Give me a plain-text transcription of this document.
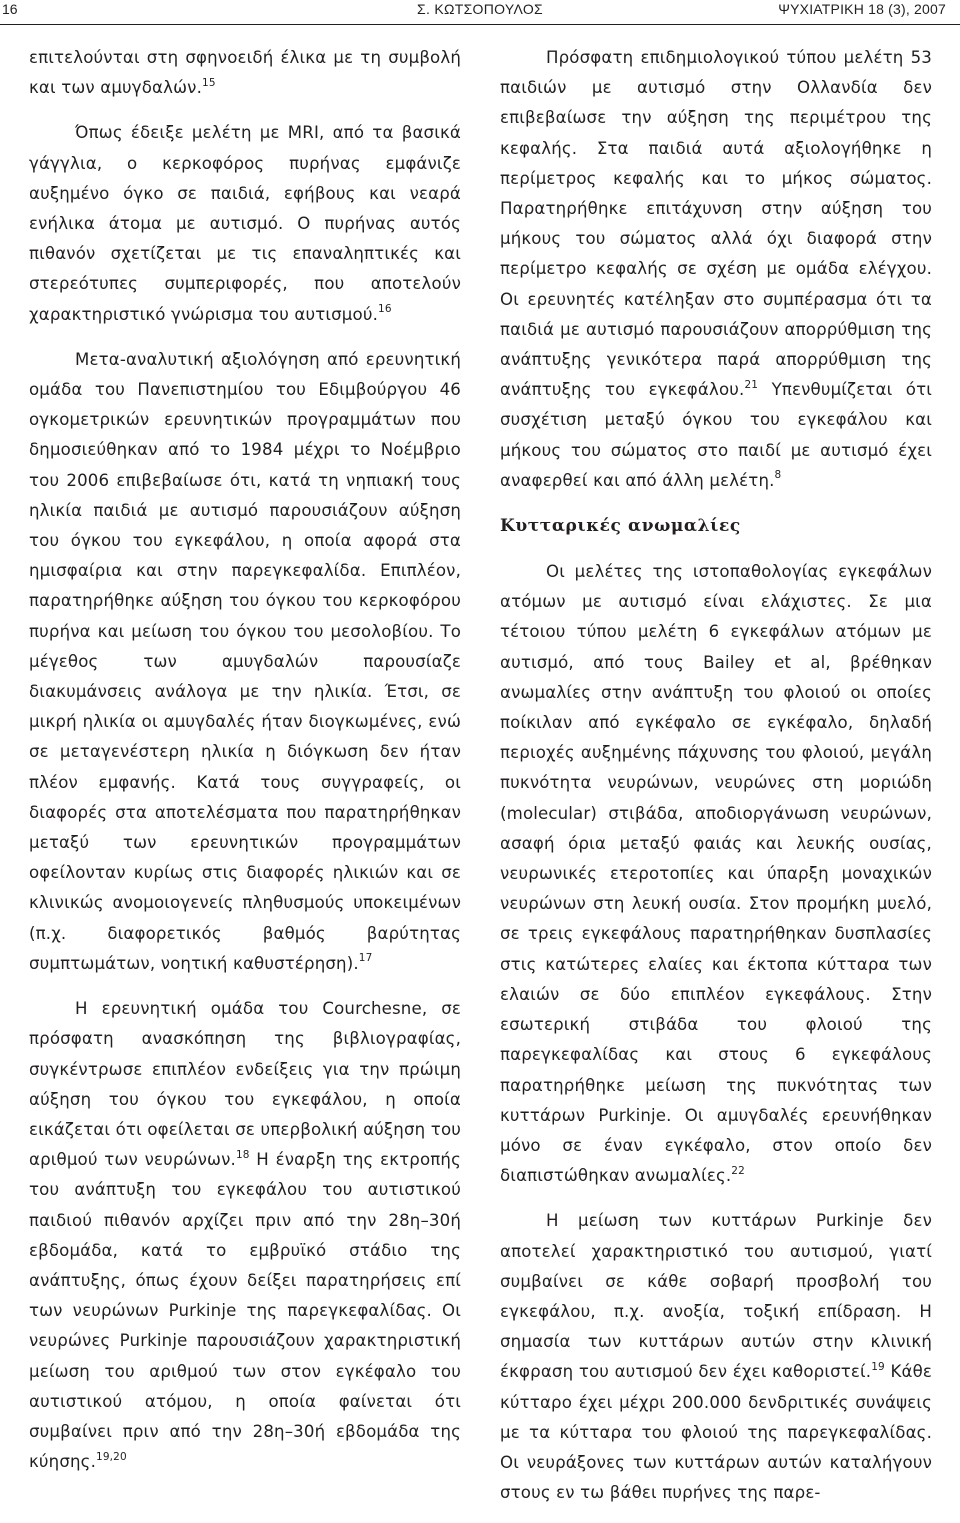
16	Σ. ΚΩΤΣΟΠΟΥΛΟΣ	ΨΥΧΙΑΤΡΙΚΗ 18 (3), 2007

επιτελούνται στη σφηνοειδή έλικα με τη συμβολή και των αμυγδαλών.$^{15}$

Όπως έδειξε μελέτη με MRI, από τα βασικά γάγγλια, ο κερκοφόρος πυρήνας εμφάνιζε αυξημένο όγκο σε παιδιά, εφήβους και νεαρά ενήλικα άτομα με αυτισμό. Ο πυρήνας αυτός πιθανόν σχετίζεται με τις επαναληπτικές και στερεότυπες συμπεριφορές, που αποτελούν χαρακτηριστικό γνώρισμα του αυτισμού.$^{16}$

Μετα-αναλυτική αξιολόγηση από ερευνητική ομάδα του Πανεπιστημίου του Εδιμβούργου 46 ογκομετρικών ερευνητικών προγραμμάτων που δημοσιεύθηκαν από το 1984 μέχρι το Νοέμβριο του 2006 επιβεβαίωσε ότι, κατά τη νηπιακή τους ηλικία παιδιά με αυτισμό παρουσιάζουν αύξηση του όγκου του εγκεφάλου, η οποία αφορά στα ημισφαίρια και στην παρεγκεφαλίδα. Επιπλέον, παρατηρήθηκε αύξηση του όγκου του κερκοφόρου πυρήνα και μείωση του όγκου του μεσολοβίου. Το μέγεθος των αμυγδαλών παρουσίαζε διακυμάνσεις ανάλογα με την ηλικία. Έτσι, σε μικρή ηλικία οι αμυγδαλές ήταν διογκωμένες, ενώ σε μεταγενέστερη ηλικία η διόγκωση δεν ήταν πλέον εμφανής. Κατά τους συγγραφείς, οι διαφορές στα αποτελέσματα που παρατηρήθηκαν μεταξύ των ερευνητικών προγραμμάτων οφείλονταν κυρίως στις διαφορές ηλικιών και σε κλινικώς ανομοιογενείς πληθυσμούς υποκειμένων (π.χ. διαφορετικός βαθμός βαρύτητας συμπτωμάτων, νοητική καθυστέρηση).$^{17}$

Η ερευνητική ομάδα του Courchesne, σε πρόσφατη ανασκόπηση της βιβλιογραφίας, συγκέντρωσε επιπλέον ενδείξεις για την πρώιμη αύξηση του όγκου του εγκεφάλου, η οποία εικάζεται ότι οφείλεται σε υπερβολική αύξηση του αριθμού των νευρώνων.$^{18}$ Η έναρξη της εκτροπής του ανάπτυξη του εγκεφάλου του αυτιστικού παιδιού πιθανόν αρχίζει πριν από την 28η–30ή εβδομάδα, κατά το εμβρυϊκό στάδιο της ανάπτυξης, όπως έχουν δείξει παρατηρήσεις επί των νευρώνων Purkinje της παρεγκεφαλίδας. Οι νευρώνες Purkinje παρουσιάζουν χαρακτηριστική μείωση του αριθμού των στον εγκέφαλο του αυτιστικού ατόμου, η οποία φαίνεται ότι συμβαίνει πριν από την 28η–30ή εβδομάδα της κύησης.$^{19,20}$

Πρόσφατη επιδημιολογικού τύπου μελέτη 53 παιδιών με αυτισμό στην Ολλανδία δεν επιβεβαίωσε την αύξηση της περιμέτρου της κεφαλής. Στα παιδιά αυτά αξιολογήθηκε η περίμετρος κεφαλής και το μήκος σώματος. Παρατηρήθηκε επιτάχυνση στην αύξηση του μήκους του σώματος αλλά όχι διαφορά στην περίμετρο κεφαλής σε σχέση με ομάδα ελέγχου. Οι ερευνητές κατέληξαν στο συμπέρασμα ότι τα παιδιά με αυτισμό παρουσιάζουν απορρύθμιση της ανάπτυξης γενικότερα παρά απορρύθμιση της ανάπτυξης του εγκεφάλου.$^{21}$ Υπενθυμίζεται ότι συσχέτιση μεταξύ όγκου του εγκεφάλου και μήκους του σώματος στο παιδί με αυτισμό έχει αναφερθεί και από άλλη μελέτη.$^8$

Κυτταρικές ανωμαλίες

Οι μελέτες της ιστοπαθολογίας εγκεφάλων ατόμων με αυτισμό είναι ελάχιστες. Σε μια τέτοιου τύπου μελέτη 6 εγκεφάλων ατόμων με αυτισμό, από τους Bailey et al, βρέθηκαν ανωμαλίες στην ανάπτυξη του φλοιού οι οποίες ποίκιλαν από εγκέφαλο σε εγκέφαλο, δηλαδή περιοχές αυξημένης πάχυνσης του φλοιού, μεγάλη πυκνότητα νευρώνων, νευρώνες στη μοριώδη (molecular) στιβάδα, αποδιοργάνωση νευρώνων, ασαφή όρια μεταξύ φαιάς και λευκής ουσίας, νευρωνικές ετεροτοπίες και ύπαρξη μοναχικών νευρώνων στη λευκή ουσία. Στον προμήκη μυελό, σε τρεις εγκεφάλους παρατηρήθηκαν δυσπλασίες στις κατώτερες ελαίες και έκτοπα κύτταρα των ελαιών σε δύο επιπλέον εγκεφάλους. Στην εσωτερική στιβάδα του φλοιού της παρεγκεφαλίδας και στους 6 εγκεφάλους παρατηρήθηκε μείωση της πυκνότητας των κυττάρων Purkinje. Οι αμυγδαλές ερευνήθηκαν μόνο σε έναν εγκέφαλο, στον οποίο δεν διαπιστώθηκαν ανωμαλίες.$^{22}$

Η μείωση των κυττάρων Purkinje δεν αποτελεί χαρακτηριστικό του αυτισμού, γιατί συμβαίνει σε κάθε σοβαρή προσβολή του εγκεφάλου, π.χ. ανοξία, τοξική επίδραση. Η σημασία των κυττάρων αυτών στην κλινική έκφραση του αυτισμού δεν έχει καθοριστεί.$^{19}$ Κάθε κύτταρο έχει μέχρι 200.000 δενδριτικές συνάψεις με τα κύτταρα του φλοιού της παρεγκεφαλίδας. Οι νευράξονες των κυττάρων αυτών καταλήγουν στους εν τω βάθει πυρήνες της παρε-
